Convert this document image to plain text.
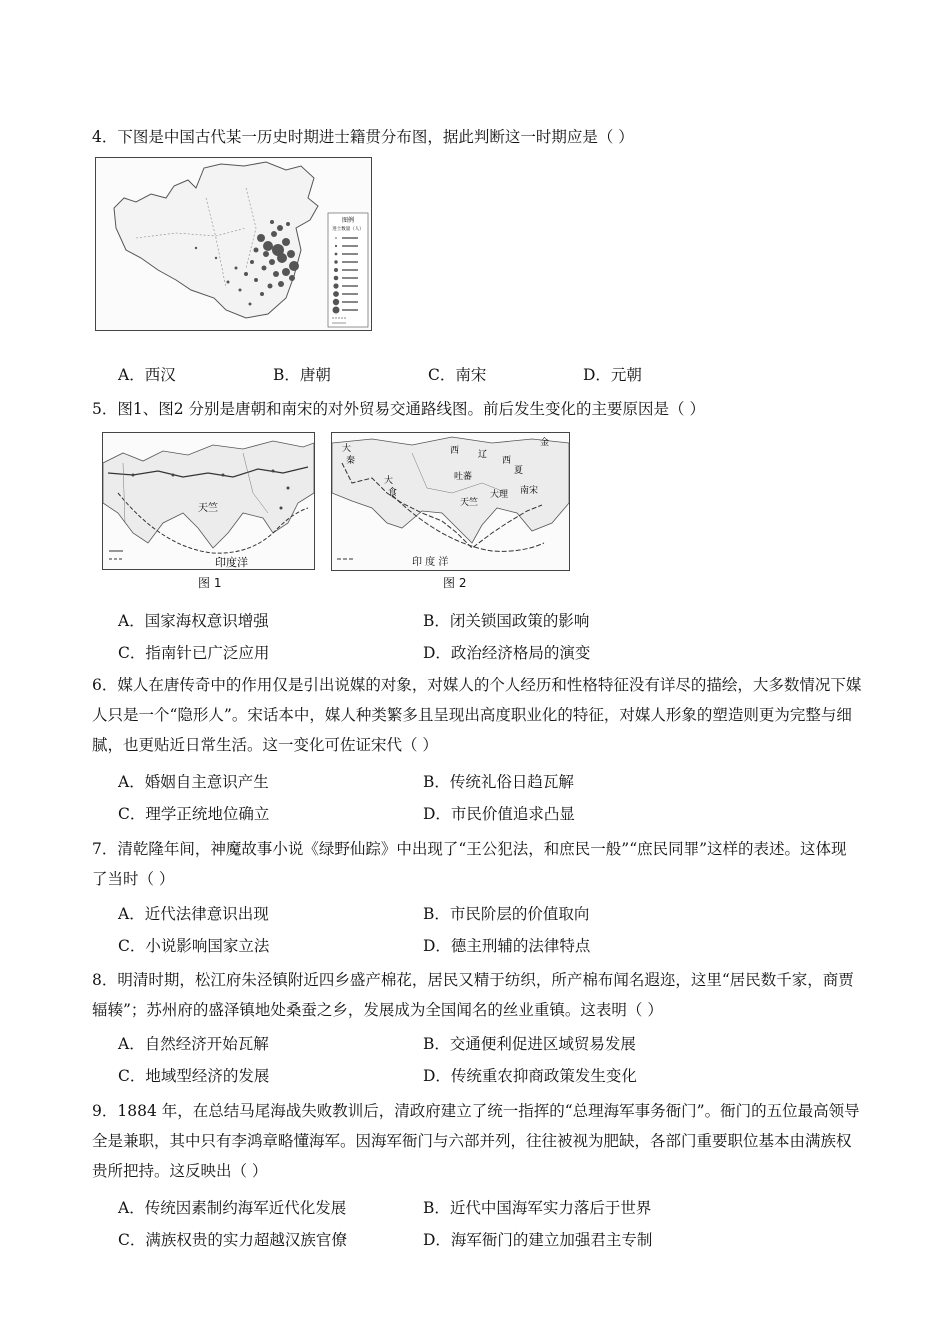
4．下图是中国古代某一历史时期进士籍贯分布图，据此判断这一时期应是（ ）
图例
进士数量（人）
A．西汉	B．唐朝	C．南宋	D．元朝
5．图1、图2 分别是唐朝和南宋的对外贸易交通路线图。前后发生变化的主要原因是（ ）
天竺
印度洋
图 1
西 辽
金
西
夏
吐蕃
大理 南宋
大
食
天竺
大
秦
印 度 洋
图 2
A．国家海权意识增强	B．闭关锁国政策的影响
C．指南针已广泛应用	D．政治经济格局的演变
6．媒人在唐传奇中的作用仅是引出说媒的对象，对媒人的个人经历和性格特征没有详尽的描绘，大多数情况下媒人只是一个“隐形人”。宋话本中，媒人种类繁多且呈现出高度职业化的特征，对媒人形象的塑造则更为完整与细腻，也更贴近日常生活。这一变化可佐证宋代（ ）
A．婚姻自主意识产生	B．传统礼俗日趋瓦解
C．理学正统地位确立	D．市民价值追求凸显
7．清乾隆年间，神魔故事小说《绿野仙踪》中出现了“王公犯法，和庶民一般”“庶民同罪”这样的表述。这体现了当时（ ）
A．近代法律意识出现	B．市民阶层的价值取向
C．小说影响国家立法	D．德主刑辅的法律特点
8．明清时期，松江府朱泾镇附近四乡盛产棉花，居民又精于纺织，所产棉布闻名遐迩，这里“居民数千家，商贾辐辏”；苏州府的盛泽镇地处桑蚕之乡，发展成为全国闻名的丝业重镇。这表明（ ）
A．自然经济开始瓦解	B．交通便利促进区域贸易发展
C．地域型经济的发展	D．传统重农抑商政策发生变化
9．1884 年，在总结马尾海战失败教训后，清政府建立了统一指挥的“总理海军事务衙门”。衙门的五位最高领导全是兼职，其中只有李鸿章略懂海军。因海军衙门与六部并列，往往被视为肥缺，各部门重要职位基本由满族权贵所把持。这反映出（ ）
A．传统因素制约海军近代化发展	B．近代中国海军实力落后于世界
C．满族权贵的实力超越汉族官僚	D．海军衙门的建立加强君主专制
